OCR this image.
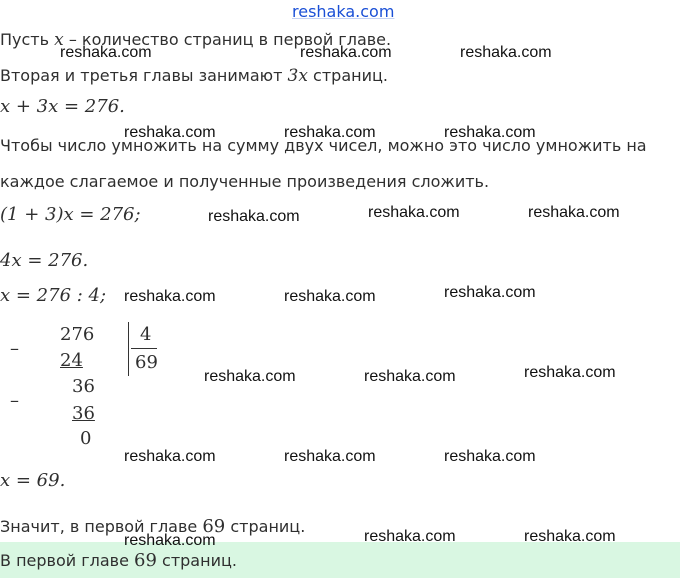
reshaka.com
Пусть x – количество страниц в первой главе.
Вторая и третья главы занимают 3x страниц.
x + 3x = 276.
Чтобы число умножить на сумму двух чисел, можно это число умножить на
каждое слагаемое и полученные произведения сложить.
(1 + 3)x = 276;
4x = 276.
x = 276 : 4;
–
276
24
–
36
36
0
4
69
x = 69.
Значит, в первой главе 69 страниц.
В первой главе 69 страниц.
reshaka.com	reshaka.com	reshaka.com
reshaka.com	reshaka.com	reshaka.com
reshaka.com	reshaka.com	reshaka.com
reshaka.com	reshaka.com	reshaka.com
reshaka.com	reshaka.com	reshaka.com
reshaka.com	reshaka.com	reshaka.com
reshaka.com	reshaka.com	reshaka.com
